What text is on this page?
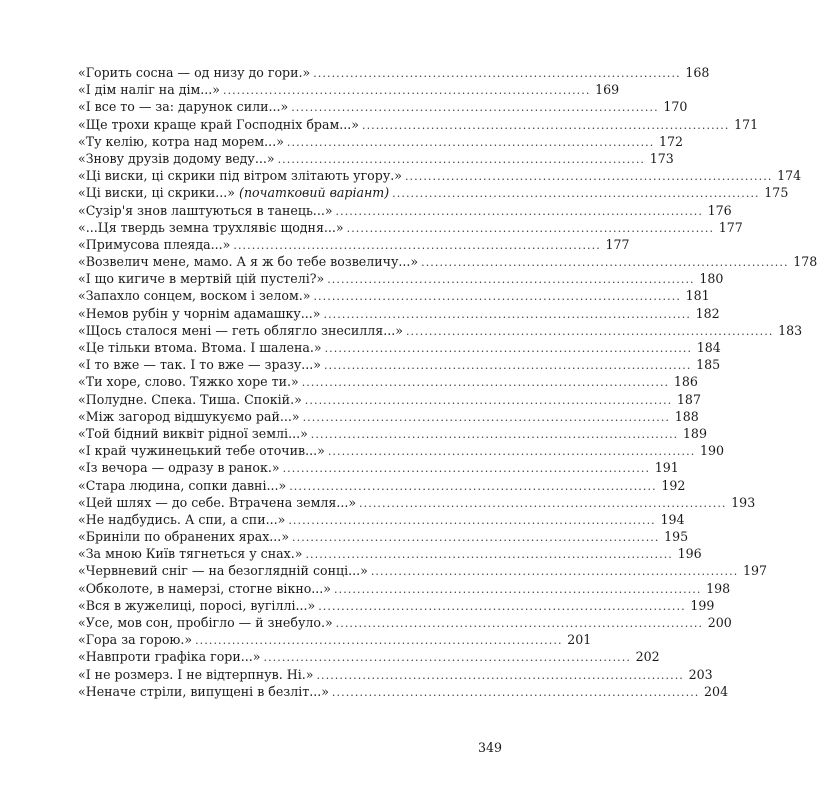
«Горить сосна — од низу до гори.» . . .	168
«І дім наліг на дім...» . . .	169
«І все то — за: дарунок сили...» . . .	170
«Ще трохи краще край Господніх брам...» . . .	171
«Ту келію, котра над морем...» . . .	172
«Знову друзів додому веду...» . . .	173
«Ці виски, ці скрики під вітром злітають угору.» . . .	174
«Ці виски, ці скрики...» (початковий варіант) . . .	175
«Сузір'я знов лаштуються в танець...» . . .	176
«...Ця твердь земна трухлявіє щодня...» . . .	177
«Примусова плеяда...» . . .	177
«Возвелич мене, мамо. А я ж бо тебе возвеличу...» . . .	178
«І що кигиче в мертвій цій пустелі?» . . .	180
«Запахло сонцем, воском і зелом.» . . .	181
«Немов рубін у чорнім адамашку...» . . .	182
«Щось сталося мені — геть облягло знесилля...» . . .	183
«Це тільки втома. Втома. І шалена.» . . .	184
«І то вже — так. І то вже — зразу...» . . .	185
«Ти хоре, слово. Тяжко хоре ти.» . . .	186
«Полудне. Спека. Тиша. Спокій.» . . .	187
«Між загород відшукуємо рай...» . . .	188
«Той бідний виквіт рідної землі...» . . .	189
«І край чужинецький тебе оточив...» . . .	190
«Із вечора — одразу в ранок.» . . .	191
«Стара людина, сопки давні...» . . .	192
«Цей шлях — до себе. Втрачена земля...» . . .	193
«Не надбудись. А спи, а спи...» . . .	194
«Бриніли по обранених ярах...» . . .	195
«За мною Київ тягнеться у снах.» . . .	196
«Червневий сніг — на безоглядній сонці...» . . .	197
«Обколоте, в намерзі, стогне вікно...» . . .	198
«Вся в жужелиці, поросі, вугіллі...» . . .	199
«Усе, мов сон, пробігло — й знебуло.» . . .	200
«Гора за горою.» . . .	201
«Навпроти графіка гори...» . . .	202
«І не розмерз. І не відтерпнув. Ні.» . . .	203
«Неначе стріли, випущені в безліт...» . . .	204
349
